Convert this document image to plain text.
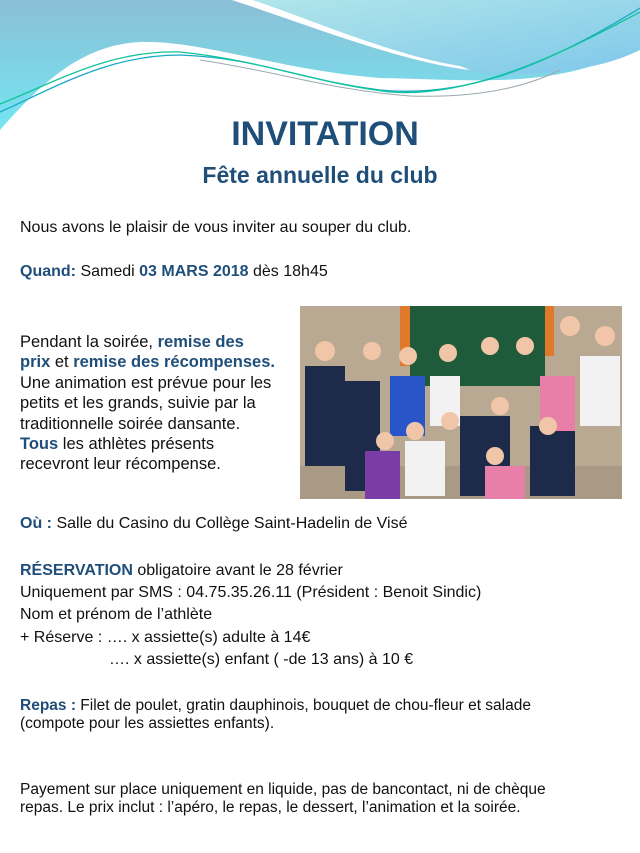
INVITATION
Fête annuelle du club
Nous avons le plaisir de vous inviter au souper du club.
Quand: Samedi 03 MARS 2018 dès 18h45
Pendant la soirée, remise des
prix et remise des récompenses.
Une animation est prévue pour les
petits et les grands, suivie par la
traditionnelle soirée dansante.
Tous les athlètes présents
recevront leur récompense.
Où : Salle du Casino du Collège Saint-Hadelin de Visé
RÉSERVATION obligatoire avant le 28 février
Uniquement par SMS : 04.75.35.26.11 (Président : Benoit Sindic)
Nom et prénom de l’athlète
+ Réserve : …. x assiette(s) adulte à 14€
…. x assiette(s) enfant ( -de 13 ans) à 10 €
Repas : Filet de poulet, gratin dauphinois, bouquet de chou-fleur et salade
(compote pour les assiettes enfants).
Payement sur place uniquement en liquide, pas de bancontact, ni de chèque
repas. Le prix inclut : l’apéro, le repas, le dessert, l’animation et la soirée.
